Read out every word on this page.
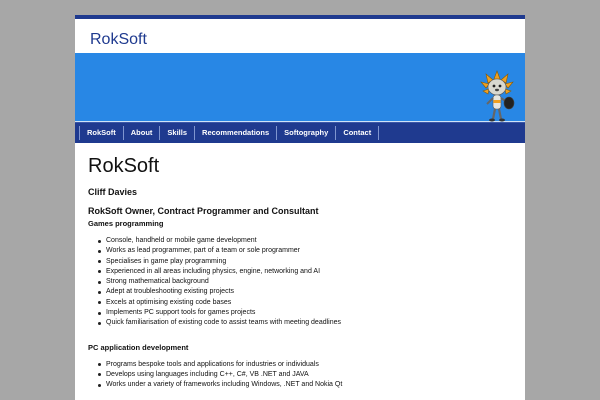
RokSoft
RokSoft	About	Skills	Recommendations	Softography	Contact
RokSoft
Cliff Davies
RokSoft Owner, Contract Programmer and Consultant
Games programming
Console, handheld or mobile game development
Works as lead programmer, part of a team or sole programmer
Specialises in game play programming
Experienced in all areas including physics, engine, networking and AI
Strong mathematical background
Adept at troubleshooting existing projects
Excels at optimising existing code bases
Implements PC support tools for games projects
Quick familiarisation of existing code to assist teams with meeting deadlines
PC application development
Programs bespoke tools and applications for industries or individuals
Develops using languages including C++, C#, VB .NET and JAVA
Works under a variety of frameworks including Windows, .NET and Nokia Qt
